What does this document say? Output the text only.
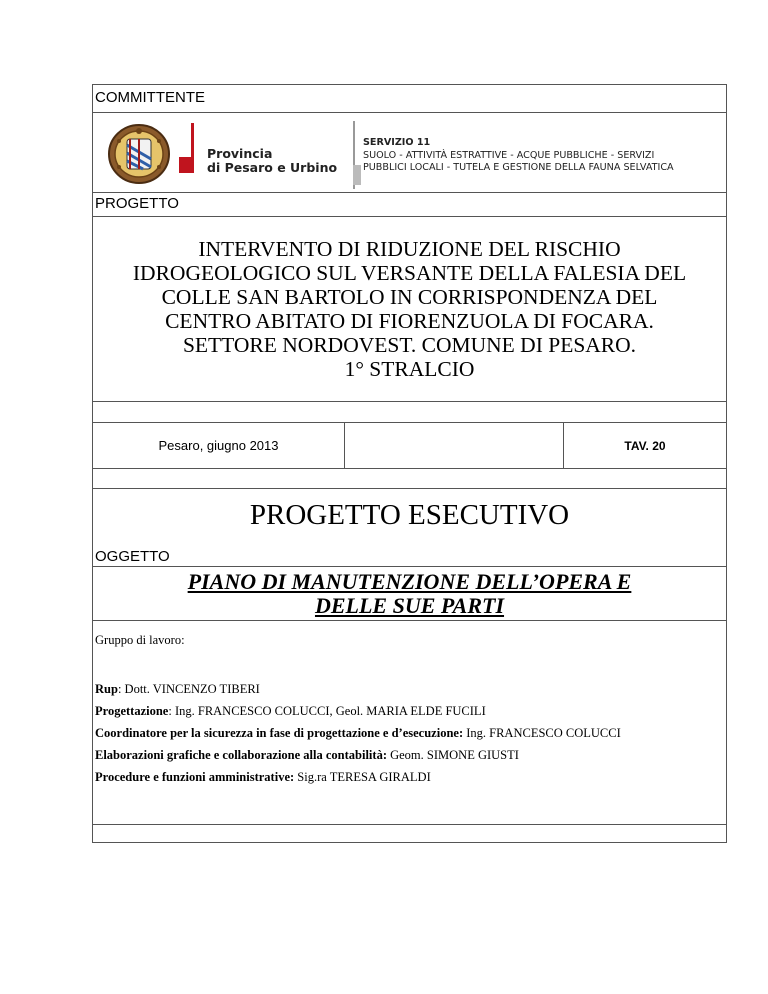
COMMITTENTE
Provincia
di Pesaro e Urbino
SERVIZIO 11
SUOLO - ATTIVITÀ ESTRATTIVE - ACQUE PUBBLICHE - SERVIZI
PUBBLICI LOCALI - TUTELA E GESTIONE DELLA FAUNA SELVATICA
PROGETTO
INTERVENTO DI RIDUZIONE DEL RISCHIO
IDROGEOLOGICO SUL VERSANTE DELLA FALESIA DEL
COLLE SAN BARTOLO IN CORRISPONDENZA DEL
CENTRO ABITATO DI FIORENZUOLA DI FOCARA.
SETTORE NORDOVEST. COMUNE DI PESARO.
1° STRALCIO
Pesaro, giugno 2013	TAV. 20
PROGETTO ESECUTIVO
OGGETTO
PIANO DI MANUTENZIONE DELL’OPERA E
DELLE SUE PARTI
Gruppo di lavoro:
Rup: Dott. VINCENZO TIBERI
Progettazione: Ing. FRANCESCO COLUCCI, Geol. MARIA ELDE FUCILI
Coordinatore per la sicurezza in fase di progettazione e d’esecuzione: Ing. FRANCESCO COLUCCI
Elaborazioni grafiche e collaborazione alla contabilità: Geom. SIMONE GIUSTI
Procedure e funzioni amministrative: Sig.ra TERESA GIRALDI
